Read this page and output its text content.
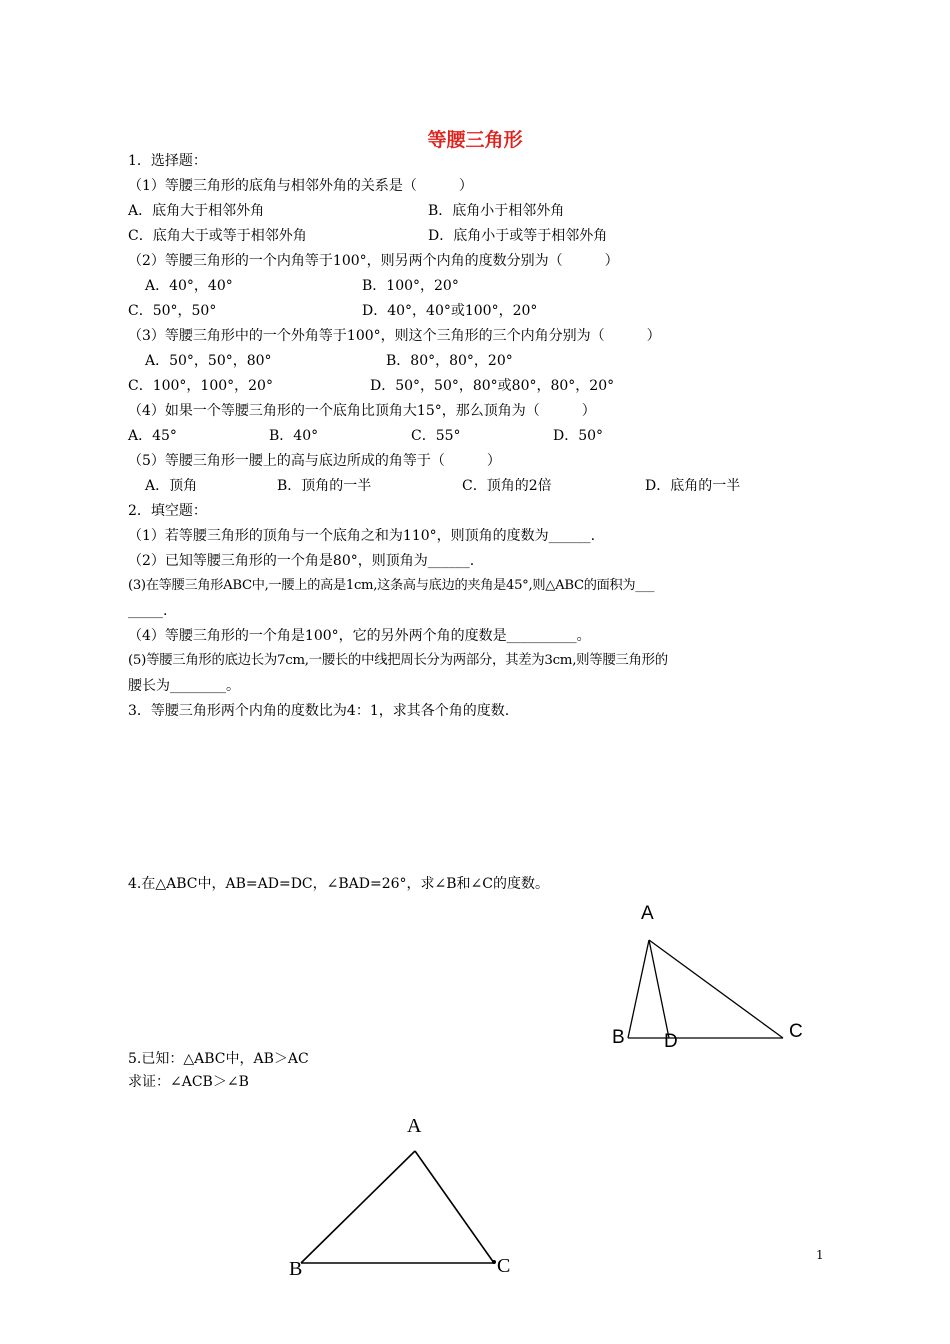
等腰三角形
1．选择题：
（1）等腰三角形的底角与相邻外角的关系是（　　　）
A．底角大于相邻外角	B．底角小于相邻外角
C．底角大于或等于相邻外角	D．底角小于或等于相邻外角
（2）等腰三角形的一个内角等于100°，则另两个内角的度数分别为（　　　）
A．40°，40°	B．100°，20°
C．50°，50°	D．40°，40°或100°，20°
（3）等腰三角形中的一个外角等于100°，则这个三角形的三个内角分别为（　　　）
A．50°，50°，80°	B．80°，80°，20°
C．100°，100°，20°	D．50°，50°，80°或80°，80°，20°
（4）如果一个等腰三角形的一个底角比顶角大15°，那么顶角为（　　　）
A．45°	B．40°	C．55°	D．50°
（5）等腰三角形一腰上的高与底边所成的角等于（　　　）
A．顶角	B．顶角的一半	C．顶角的2倍	D．底角的一半
2．填空题：
（1）若等腰三角形的顶角与一个底角之和为110°，则顶角的度数为______.
（2）已知等腰三角形的一个角是80°，则顶角为______.
(3)在等腰三角形ABC中,一腰上的高是1cm,这条高与底边的夹角是45°,则△ABC的面积为___
_____.
（4）等腰三角形的一个角是100°，它的另外两个角的度数是__________。
(5)等腰三角形的底边长为7cm,一腰长的中线把周长分为两部分，其差为3cm,则等腰三角形的
腰长为________。
3．等腰三角形两个内角的度数比为4：1，求其各个角的度数.
4.在△ABC中，AB=AD=DC，∠BAD=26°，求∠B和∠C的度数。
5.已知：△ABC中，AB＞AC
求证：∠ACB＞∠B
A
B D	C
A
B	C	1
